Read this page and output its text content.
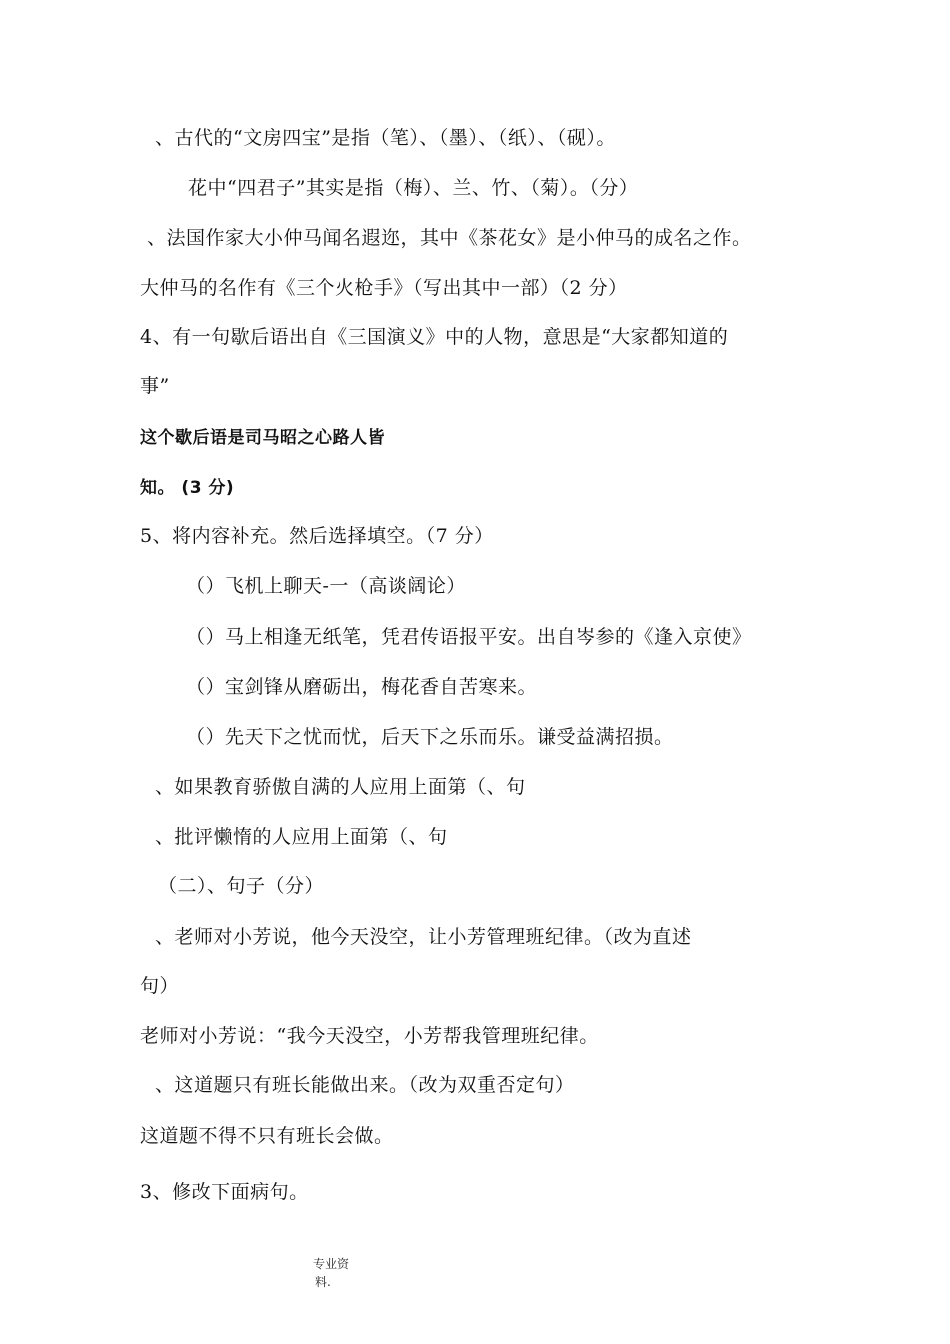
、古代的“文房四宝”是指（笔）、（墨）、（纸）、（砚）。
花中“四君子”其实是指（梅）、兰、竹、（菊）。（分）
、法国作家大小仲马闻名遐迩，其中《茶花女》是小仲马的成名之作。
大仲马的名作有《三个火枪手》（写出其中一部）（2 分）
4、有一句歇后语出自《三国演义》中的人物，意思是“大家都知道的
事”
这个歇后语是司马昭之心路人皆
知。 (3 分)
5、将内容补充。然后选择填空。（7 分）
（）飞机上聊天-一（高谈阔论）
（）马上相逢无纸笔，凭君传语报平安。出自岑参的《逢入京使》
（）宝剑锋从磨砺出，梅花香自苦寒来。
（）先天下之忧而忧，后天下之乐而乐。谦受益满招损。
、如果教育骄傲自满的人应用上面第（、句
、批评懒惰的人应用上面第（、句
（二）、句子（分）
、老师对小芳说，他今天没空，让小芳管理班纪律。（改为直述
句）
老师对小芳说：“我今天没空，小芳帮我管理班纪律。
、这道题只有班长能做出来。（改为双重否定句）
这道题不得不只有班长会做。
3、修改下面病句。
专业资
料.
